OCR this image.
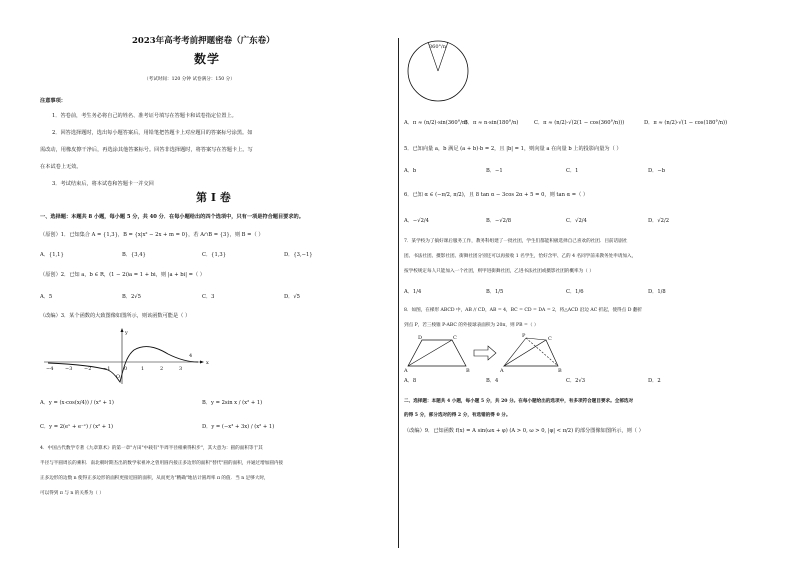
2023年高考考前押题密卷（广东卷）
数学
（考试时间：120 分钟 试卷满分：150 分）
注意事项：
1．答卷前，考生务必将自己的姓名、准考证号填写在答题卡和试卷指定位置上。
2．回答选择题时，选出每小题答案后，用铅笔把答题卡上对应题目的答案标号涂黑。如
需改动，用橡皮擦干净后，再选涂其他答案标号。回答非选择题时，将答案写在答题卡上。写
在本试卷上无效。
3．考试结束后，将本试卷和答题卡一并交回
第 I 卷
一、选择题：本题共 8 小题，每小题 5 分，共 40 分．在每小题给出的四个选项中，只有一项是符合题目要求的。
（原创）1．已知集合 A = {1,3}，B = {x|x² − 2x + m = 0}，若 A∩B = {3}，则 B =（ ）
A．{1,1}	B．{3,4}	C．{1,3}	D．{3,−1}
（原创）2．已知 a，b ∈ R，(1 − 2i)a = 1 + bi，则 |a + bi| =（ ）
A．5	B．2√5	C．3	D．√5
（改编）3．某个函数的大致图像如图所示，则该函数可能是（ ）
−4 −3 −2 −1	0	1	2	3
4
x
y
O
A．y = (x·cos(x/4)) / (x² + 1)	B．y = 2sin x / (x² + 1)
C．y = 2(eˣ + e⁻ˣ) / (x² + 1)	D．y = (−x³ + 3x) / (x² + 1)
4．中国古代数学专著《九章算术》的第一章"方田"中载有"半周半径相乘得积步"，其大意为：圆的面积等于其
半径与半圆周长的乘积．南北朝时期杰出的数学家祖冲之曾用圆内接正多边形的面积"替代"圆的面积，并通过增加圆内接
正多边形的边数 n 使得正多边形的面积更接近圆的面积，从而更为"精确"地估计圆周率 π 的值．当 n 足够大时，
可以得到 π 与 n 的关系为（ ）
360°/n
A．π ≈ (n/2)·sin(360°/n)
B．π ≈ n·sin(180°/n)	C．π ≈ (n/2)·√(2(1 − cos(360°/n)))	D．π ≈ (n/2)·√(1 − cos(180°/n))
5．已知向量 a，b 满足 (a + b)·b = 2，且 |b| = 1，则向量 a 在向量 b 上的投影向量为（ ）
A．b	B．−1	C．1	D．−b
6．已知 α ∈ (−π/2, π/2)，且 8 tan α − 3cos 2α + 5 = 0，则 tan α =（ ）
A．−√2/4	B．−√2/8	C．√2/4	D．√2/2
7．某学校为了搞好课后服务工作，教务科组建了一批社团，学生们都能积极选择自己喜欢的社团．目前话剧社
团、书法社团、摄影社团、街舞社团分别还可以再接收 1 名学生，恰好含甲、乙的 4 名同学前来教务处申请加入，
按学校规定每人只能加入一个社团，则甲进街舞社团，乙进书法社团或摄影社团的概率为（ ）
A．1/4	B．1/5	C．1/6	D．1/8
8．如图，在梯形 ABCD 中，AB // CD，AB = 4，BC = CD = DA = 2，将△ACD 沿边 AC 折起，使得点 D 翻折
到点 P，若三棱锥 P-ABC 的外接球表面积为 20π，则 PB =（ ）
D	C
A	B
P	C
A	B
A．8	B．4	C．2√3	D．2
二、选择题：本题共 4 小题，每小题 5 分，共 20 分。在每小题给出的选项中，有多项符合题目要求。全部选对
的得 5 分，部分选对的得 2 分，有选错的得 0 分。
（改编）9．已知函数 f(x) = A sin(ωx + φ) (A > 0, ω > 0, |φ| < π/2) 的部分图像如图所示，则（ ）
